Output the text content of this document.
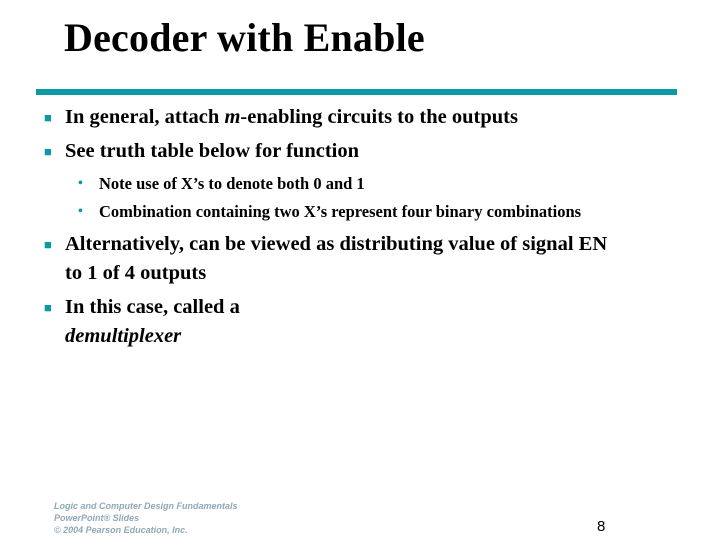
Decoder with Enable
■ In general, attach m-enabling circuits to the outputs
■ See truth table below for function
• Note use of X’s to denote both 0 and 1
• Combination containing two X’s represent four binary combinations
■ Alternatively, can be viewed as distributing value of signal EN
to 1 of 4 outputs
■ In this case, called a
demultiplexer
Logic and Computer Design Fundamentals
PowerPoint® Slides
© 2004 Pearson Education, Inc.	8
